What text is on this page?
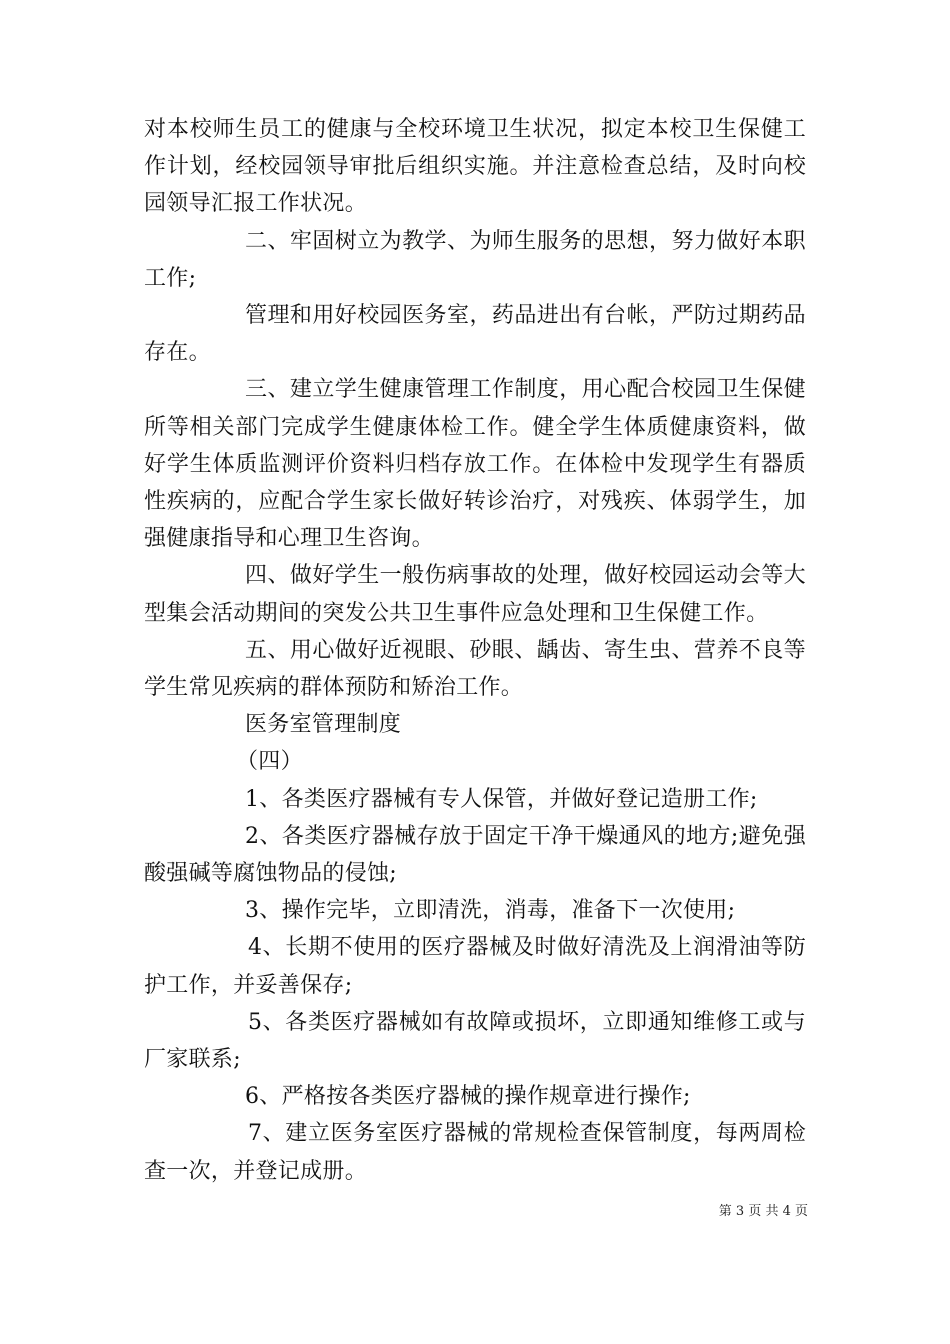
对本校师生员工的健康与全校环境卫生状况，拟定本校卫生保健工作计划，经校园领导审批后组织实施。并注意检查总结，及时向校园领导汇报工作状况。

二、牢固树立为教学、为师生服务的思想，努力做好本职工作;

管理和用好校园医务室，药品进出有台帐，严防过期药品存在。

三、建立学生健康管理工作制度，用心配合校园卫生保健所等相关部门完成学生健康体检工作。健全学生体质健康资料，做好学生体质监测评价资料归档存放工作。在体检中发现学生有器质性疾病的，应配合学生家长做好转诊治疗，对残疾、体弱学生，加强健康指导和心理卫生咨询。

四、做好学生一般伤病事故的处理，做好校园运动会等大型集会活动期间的突发公共卫生事件应急处理和卫生保健工作。

五、用心做好近视眼、砂眼、龋齿、寄生虫、营养不良等学生常见疾病的群体预防和矫治工作。

医务室管理制度

（四）

1、各类医疗器械有专人保管，并做好登记造册工作;

2、各类医疗器械存放于固定干净干燥通风的地方;避免强酸强碱等腐蚀物品的侵蚀;

3、操作完毕，立即清洗，消毒，准备下一次使用;

4、长期不使用的医疗器械及时做好清洗及上润滑油等防护工作，并妥善保存;

5、各类医疗器械如有故障或损坏，立即通知维修工或与厂家联系;

6、严格按各类医疗器械的操作规章进行操作;

7、建立医务室医疗器械的常规检查保管制度，每两周检查一次，并登记成册。

第 3 页 共 4 页
